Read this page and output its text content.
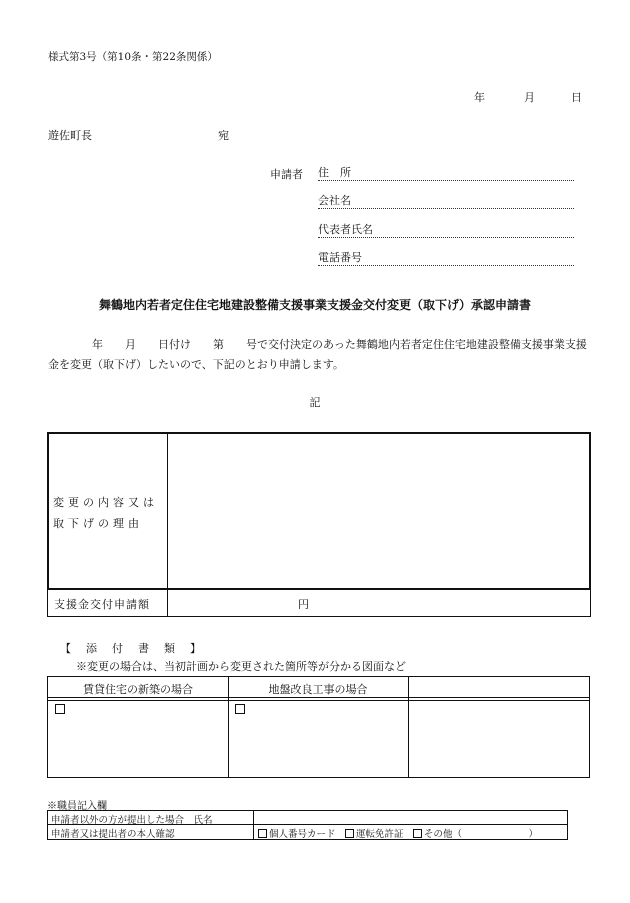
様式第3号（第10条・第22条関係）
年	月	日
遊佐町長	宛
申請者 住　所
会社名
代表者氏名
電話番号
舞鶴地内若者定住住宅地建設整備支援事業支援金交付変更（取下げ）承認申請書
　　　　年　　月　　日付け　　第　　号で交付決定のあった舞鶴地内若者定住住宅地建設整備支援事業支援金を変更（取下げ）したいので、下記のとおり申請します。
記
変更の内容又は取下げの理由
支援金交付申請額	円
【　添　付　書　類　】
※変更の場合は、当初計画から変更された箇所等が分かる図面など
賃貸住宅の新築の場合	地盤改良工事の場合
※職員記入欄
申請者以外の方が提出した場合　氏名
申請者又は提出者の本人確認	個人番号カード  運転免許証  その他（　　　　　　　）
